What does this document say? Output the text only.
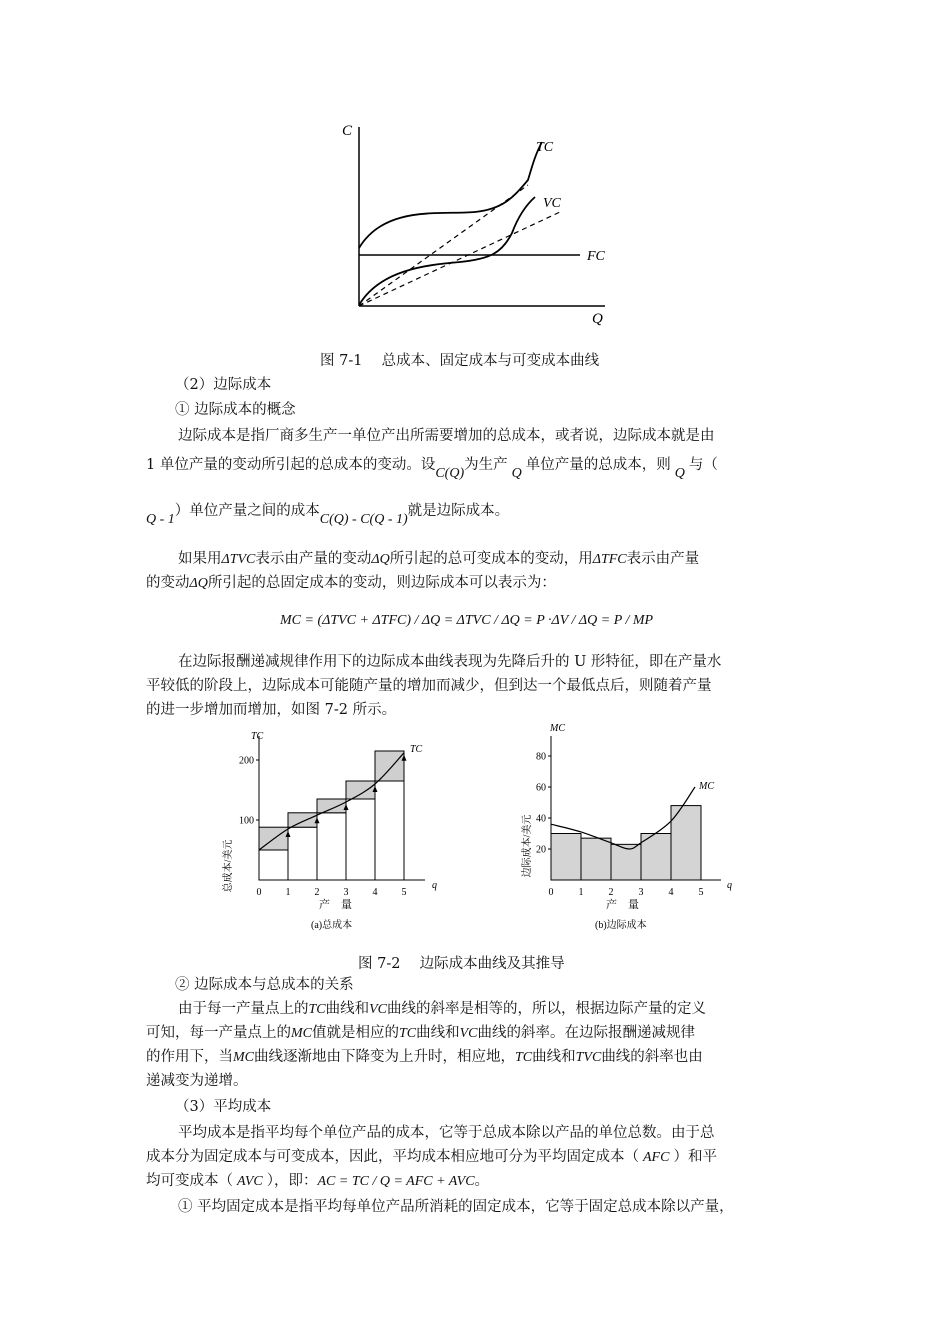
C
Q
FC
TC
VC
图 7-1　 总成本、固定成本与可变成本曲线
（2）边际成本
① 边际成本的概念
边际成本是指厂商多生产一单位产出所需要增加的总成本，或者说，边际成本就是由
1 单位产量的变动所引起的总成本的变动。设C(Q)为生产Q单位产量的总成本，则Q与（
Q - 1）单位产量之间的成本C(Q) - C(Q - 1)就是边际成本。
如果用ΔTVC表示由产量的变动ΔQ所引起的总可变成本的变动，用ΔTFC表示由产量
的变动ΔQ所引起的总固定成本的变动，则边际成本可以表示为：
MC = (ΔTVC + ΔTFC) / ΔQ = ΔTVC / ΔQ = P ·ΔV / ΔQ = P / MP
在边际报酬递减规律作用下的边际成本曲线表现为先降后升的 U 形特征，即在产量水
平较低的阶段上，边际成本可能随产量的增加而减少，但到达一个最低点后，则随着产量
的进一步增加而增加，如图 7-2 所示。
TC
总成本/美元
产　量
q
(a)总成本
TC
0 1 2 3 4 5
100
200
MC
边际成本/美元
产　量
q
(b)边际成本
MC
0	1	2	3	4	5
20
40
60
80
图 7-2　 边际成本曲线及其推导
② 边际成本与总成本的关系
由于每一产量点上的TC曲线和VC曲线的斜率是相等的，所以，根据边际产量的定义
可知，每一产量点上的MC值就是相应的TC曲线和VC曲线的斜率。在边际报酬递减规律
的作用下，当MC曲线逐渐地由下降变为上升时，相应地，TC曲线和TVC曲线的斜率也由
递减变为递增。
（3）平均成本
平均成本是指平均每个单位产品的成本，它等于总成本除以产品的单位总数。由于总
成本分为固定成本与可变成本，因此，平均成本相应地可分为平均固定成本（ AFC ）和平
均可变成本（ AVC ），即：AC = TC / Q = AFC + AVC。
① 平均固定成本是指平均每单位产品所消耗的固定成本，它等于固定总成本除以产量，
